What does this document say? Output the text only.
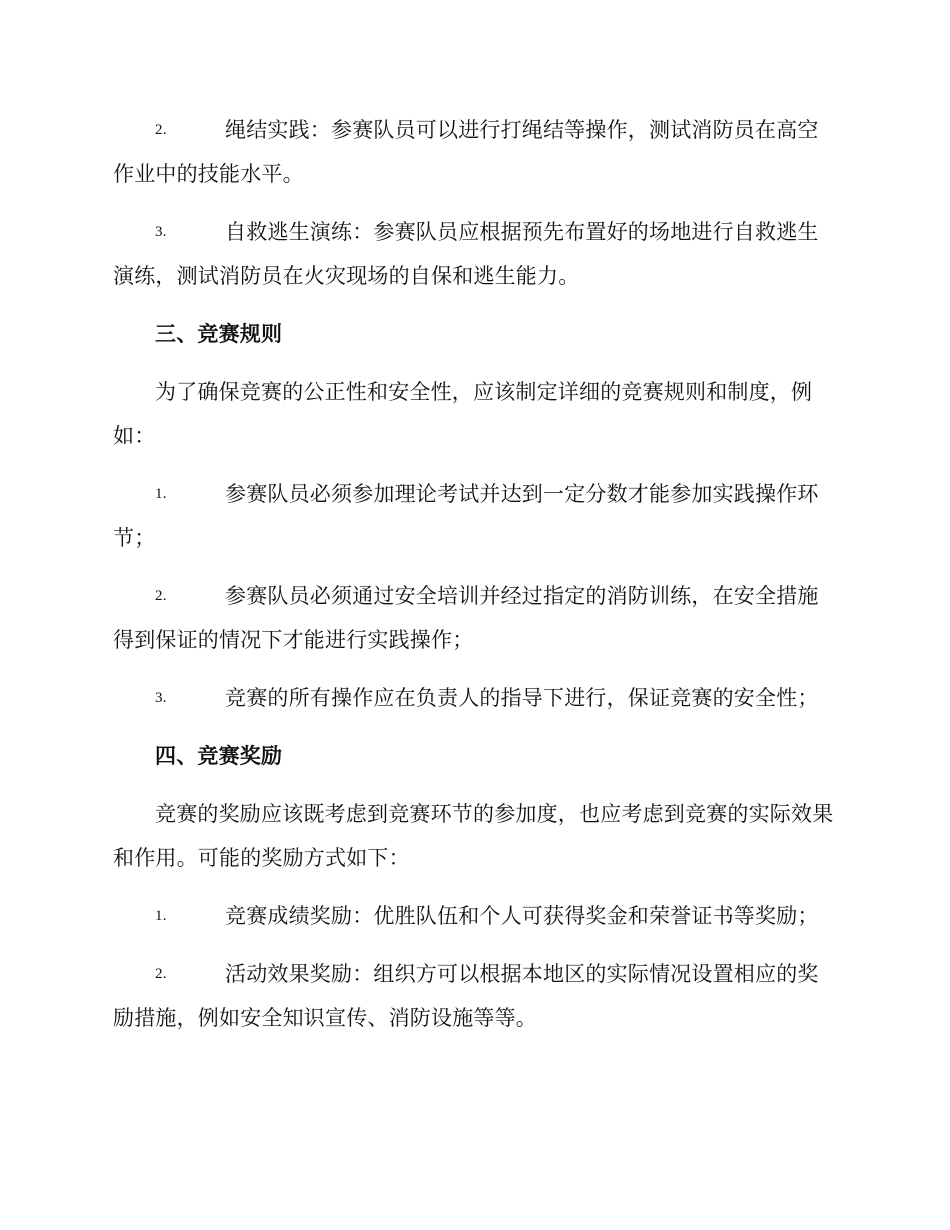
2.	绳结实践：参赛队员可以进行打绳结等操作，测试消防员在高空作业中的技能水平。
3.	自救逃生演练：参赛队员应根据预先布置好的场地进行自救逃生演练，测试消防员在火灾现场的自保和逃生能力。
三、竞赛规则
为了确保竞赛的公正性和安全性，应该制定详细的竞赛规则和制度，例如：
1.	参赛队员必须参加理论考试并达到一定分数才能参加实践操作环节；
2.	参赛队员必须通过安全培训并经过指定的消防训练，在安全措施得到保证的情况下才能进行实践操作；
3.	竞赛的所有操作应在负责人的指导下进行，保证竞赛的安全性；
四、竞赛奖励
竞赛的奖励应该既考虑到竞赛环节的参加度，也应考虑到竞赛的实际效果和作用。可能的奖励方式如下：
1.	竞赛成绩奖励：优胜队伍和个人可获得奖金和荣誉证书等奖励；
2.	活动效果奖励：组织方可以根据本地区的实际情况设置相应的奖励措施，例如安全知识宣传、消防设施等等。
